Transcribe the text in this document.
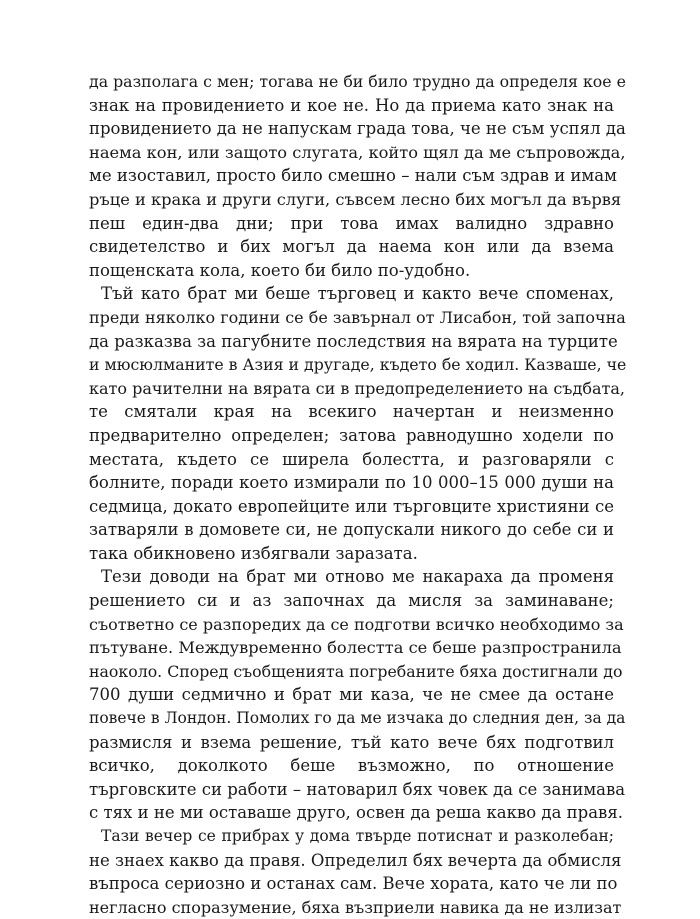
да разполага с мен; тогава не би било трудно да определя кое е
знак на провидението и кое не. Но да приема като знак на
провидението да не напускам града това, че не съм успял да
наема кон, или защото слугата, който щял да ме съпровожда,
ме изоставил, просто било смешно – нали съм здрав и имам
ръце и крака и други слуги, съвсем лесно бих могъл да вървя
пеш един-два дни; при това имах валидно здравно
свидетелство и бих могъл да наема кон или да взема
пощенската кола, което би било по-удобно.
Тъй като брат ми беше търговец и както вече споменах,
преди няколко години се бе завърнал от Лисабон, той започна
да разказва за пагубните последствия на вярата на турците
и мюсюлманите в Азия и другаде, където бе ходил. Казваше, че
като рачителни на вярата си в предопределението на съдбата,
те смятали края на всекиго начертан и неизменно
предварително определен; затова равнодушно ходели по
местата, където се ширела болестта, и разговаряли с
болните, поради което измирали по 10 000–15 000 души на
седмица, докато европейците или търговците християни се
затваряли в домовете си, не допускали никого до себе си и
така обикновено избягвали заразата.
Тези доводи на брат ми отново ме накараха да променя
решението си и аз започнах да мисля за заминаване;
съответно се разпоредих да се подготви всичко необходимо за
пътуване. Междувременно болестта се беше разпространила
наоколо. Според съобщенията погребаните бяха достигнали до
700 души седмично и брат ми каза, че не смее да остане
повече в Лондон. Помолих го да ме изчака до следния ден, за да
размисля и взема решение, тъй като вече бях подготвил
всичко, доколкото беше възможно, по отношение
търговските си работи – натоварил бях човек да се занимава
с тях и не ми оставаше друго, освен да реша какво да правя.
Тази вечер се прибрах у дома твърде потиснат и разколебан;
не знаех какво да правя. Определил бях вечерта да обмисля
въпроса сериозно и останах сам. Вече хората, като че ли по
негласно споразумение, бяха възприели навика да не излизат
